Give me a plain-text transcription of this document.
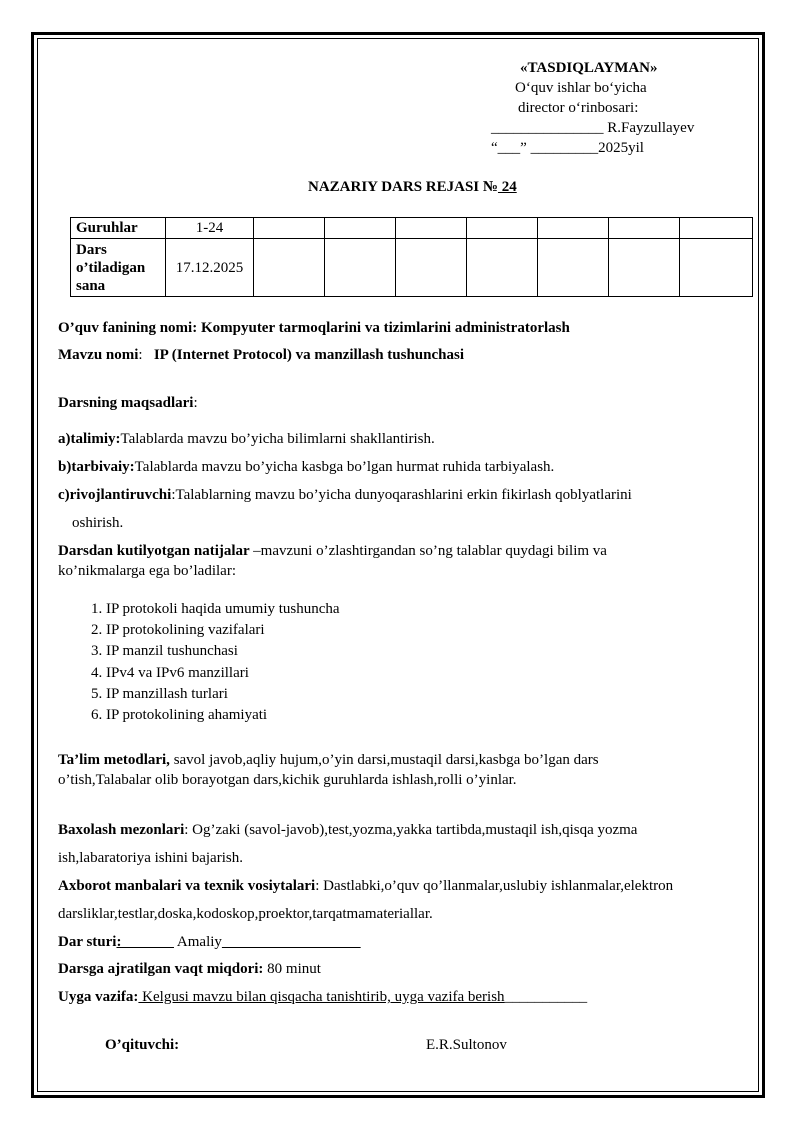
«TASDIQLAYMAN»
O‘quv ishlar bo‘yicha
director o‘rinbosari:
_______________ R.Fayzullayev
“___” _________2025yil
NAZARIY DARS REJASI № 24
Guruhlar	1-24							

Dars
o’tiladigan
sana	17.12.2025							
O’quv fanining nomi: Kompyuter tarmoqlarini va tizimlarini administratorlash
Mavzu nomi:   IP (Internet Protocol) va manzillash tushunchasi
Darsning maqsadlari:
a)talimiy:Talablarda mavzu bo’yicha bilimlarni shakllantirish.
b)tarbivaiy:Talablarda mavzu bo’yicha kasbga bo’lgan hurmat ruhida tarbiyalash.
c)rivojlantiruvchi:Talablarning mavzu bo’yicha dunyoqarashlarini erkin fikirlash qoblyatlarini
oshirish.
Darsdan kutilyotgan natijalar –mavzuni o’zlashtirgandan so’ng talablar quydagi bilim va
ko’nikmalarga ega bo’ladilar:
1. IP protokoli haqida umumiy tushuncha
2. IP protokolining vazifalari
3. IP manzil tushunchasi
4. IPv4 va IPv6 manzillari
5. IP manzillash turlari
6. IP protokolining ahamiyati
Ta’lim metodlari, savol javob,aqliy hujum,o’yin darsi,mustaqil darsi,kasbga bo’lgan dars
o’tish,Talabalar olib borayotgan dars,kichik guruhlarda ishlash,rolli o’yinlar.
Baxolash mezonlari: Og’zaki (savol-javob),test,yozma,yakka tartibda,mustaqil ish,qisqa yozma
ish,labaratoriya ishini bajarish.
Axborot manbalari va texnik vosiytalari: Dastlabki,o’quv qo’llanmalar,uslubiy ishlanmalar,elektron
darsliklar,testlar,doska,kodoskop,proektor,tarqatmamateriallar.
Dar sturi:	Amaliy
Darsga ajratilgan vaqt miqdori: 80 minut
Uyga vazifa: Kelgusi mavzu bilan qisqacha tanishtirib, uyga vazifa berish___________
O’qituvchi:	E.R.Sultonov
